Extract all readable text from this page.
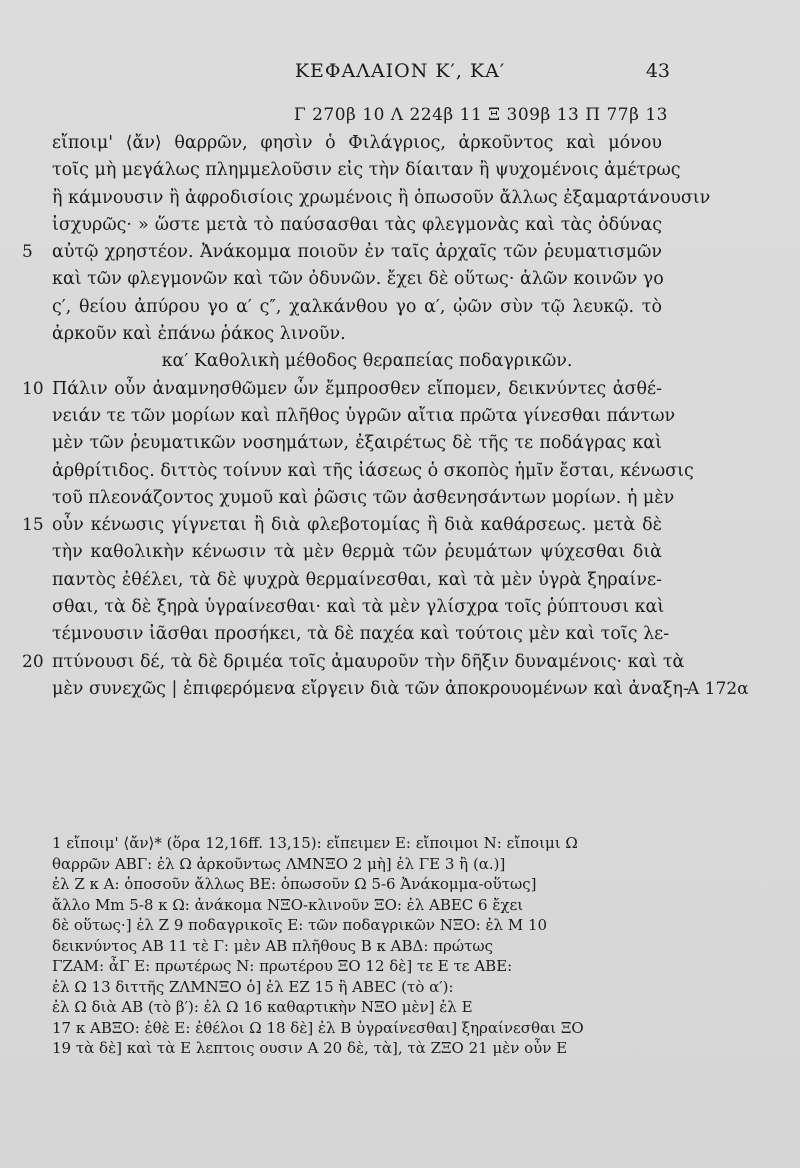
ΚΕΦΑΛΑΙΟΝ Κ′, ΚΑ′	43
Γ 270β 10 Λ 224β 11 Ξ 309β 13 Π 77β 13
εἴποιμ' ⟨ἄν⟩ θαρρῶν, φησὶν ὁ Φιλάγριος, ἀρκοῦντος καὶ μόνου
τοῖς μὴ μεγάλως πλημμελοῦσιν εἰς τὴν δίαιταν ἢ ψυχομένοις ἀμέτρως
ἢ κάμνουσιν ἢ ἀφροδισίοις χρωμένοις ἢ ὁπωσοῦν ἄλλως ἐξαμαρτάνουσιν
ἰσχυρῶς· » ὥστε μετὰ τὸ παύσασθαι τὰς φλεγμονὰς καὶ τὰς ὀδύνας
5	αὐτῷ χρηστέον. Ἀνάκομμα ποιοῦν ἐν ταῖς ἀρχαῖς τῶν ῥευματισμῶν
καὶ τῶν φλεγμονῶν καὶ τῶν ὀδυνῶν. ἔχει δὲ οὕτως· ἁλῶν κοινῶν γο
ς′, θείου ἀπύρου γο α′ ς″, χαλκάνθου γο α′, ᾠῶν σὺν τῷ λευκῷ. τὸ
ἀρκοῦν καὶ ἐπάνω ῥάκος λινοῦν.
κα′ Καθολικὴ μέθοδος θεραπείας ποδαγρικῶν.
10 Πάλιν οὖν ἀναμνησθῶμεν ὧν ἔμπροσθεν εἴπομεν, δεικνύντες ἀσθέ-
νειάν τε τῶν μορίων καὶ πλῆθος ὑγρῶν αἴτια πρῶτα γίνεσθαι πάντων
μὲν τῶν ῥευματικῶν νοσημάτων, ἐξαιρέτως δὲ τῆς τε ποδάγρας καὶ
ἀρθρίτιδος. διττὸς τοίνυν καὶ τῆς ἰάσεως ὁ σκοπὸς ἡμῖν ἔσται, κένωσις
τοῦ πλεονάζοντος χυμοῦ καὶ ῥῶσις τῶν ἀσθενησάντων μορίων. ἡ μὲν
15 οὖν κένωσις γίγνεται ἢ διὰ φλεβοτομίας ἢ διὰ καθάρσεως. μετὰ δὲ
τὴν καθολικὴν κένωσιν τὰ μὲν θερμὰ τῶν ῥευμάτων ψύχεσθαι διὰ
παντὸς ἐθέλει, τὰ δὲ ψυχρὰ θερμαίνεσθαι, καὶ τὰ μὲν ὑγρὰ ξηραίνε-
σθαι, τὰ δὲ ξηρὰ ὑγραίνεσθαι· καὶ τὰ μὲν γλίσχρα τοῖς ῥύπτουσι καὶ
τέμνουσιν ἰᾶσθαι προσήκει, τὰ δὲ παχέα καὶ τούτοις μὲν καὶ τοῖς λε-
20 πτύνουσι δέ, τὰ δὲ δριμέα τοῖς ἀμαυροῦν τὴν δῆξιν δυναμένοις· καὶ τὰ
μὲν συνεχῶς | ἐπιφερόμενα εἴργειν διὰ τῶν ἀποκρουομένων καὶ ἀναξη-
Α 172α
1 εἴποιμ' ⟨ἄν⟩* (ὅρα 12,16ff. 13,15): εἴπειμεν Ε: εἴποιμοι Ν: εἴποιμι Ω
θαρρῶν ΑΒΓ: ἐλ Ω ἀρκοῦντως ΛΜΝΞΟ 2 μὴ] ἐλ ΓΕ 3 ἢ (α.)]
ἐλ Ζ κ Α: ὁποσοῦν ἄλλως ΒΕ: ὁπωσοῦν Ω 5-6 Ἀνάκομμα-οὕτως]
ἄλλο Μm 5-8 κ Ω: ἀνάκομα ΝΞΟ-κλινοῦν ΞΟ: ἐλ ΑΒΕC 6 ἔχει
δὲ οὕτως·] ἐλ Ζ 9 ποδαγρικοῖς Ε: τῶν ποδαγρικῶν ΝΞΟ: ἐλ Μ 10
δεικνύντος ΑΒ 11 τὲ Γ: μὲν ΑΒ πλῆθους Β κ ΑΒΔ: πρώτως
ΓΖΑΜ: ἆΓ Ε: πρωτέρως Ν: πρωτέρου ΞΟ 12 δὲ] τε Ε τε ΑΒΕ:
ἐλ Ω 13 διττῆς ΖΛΜΝΞΟ ὁ] ἐλ ΕΖ 15 ἢ ΑΒΕC (τὸ α′):
ἐλ Ω διὰ ΑΒ (τὸ β′): ἐλ Ω 16 καθαρτικὴν ΝΞΟ μὲν] ἐλ Ε
17 κ ΑΒΞΟ: ἐθὲ Ε: ἐθέλοι Ω 18 δὲ] ἐλ Β ὑγραίνεσθαι] ξηραίνεσθαι ΞΟ
19 τὰ δὲ] καὶ τὰ Ε λεπτοις ουσιν Α 20 δὲ, τὰ], τὰ ΖΞΟ 21 μὲν οὖν Ε
